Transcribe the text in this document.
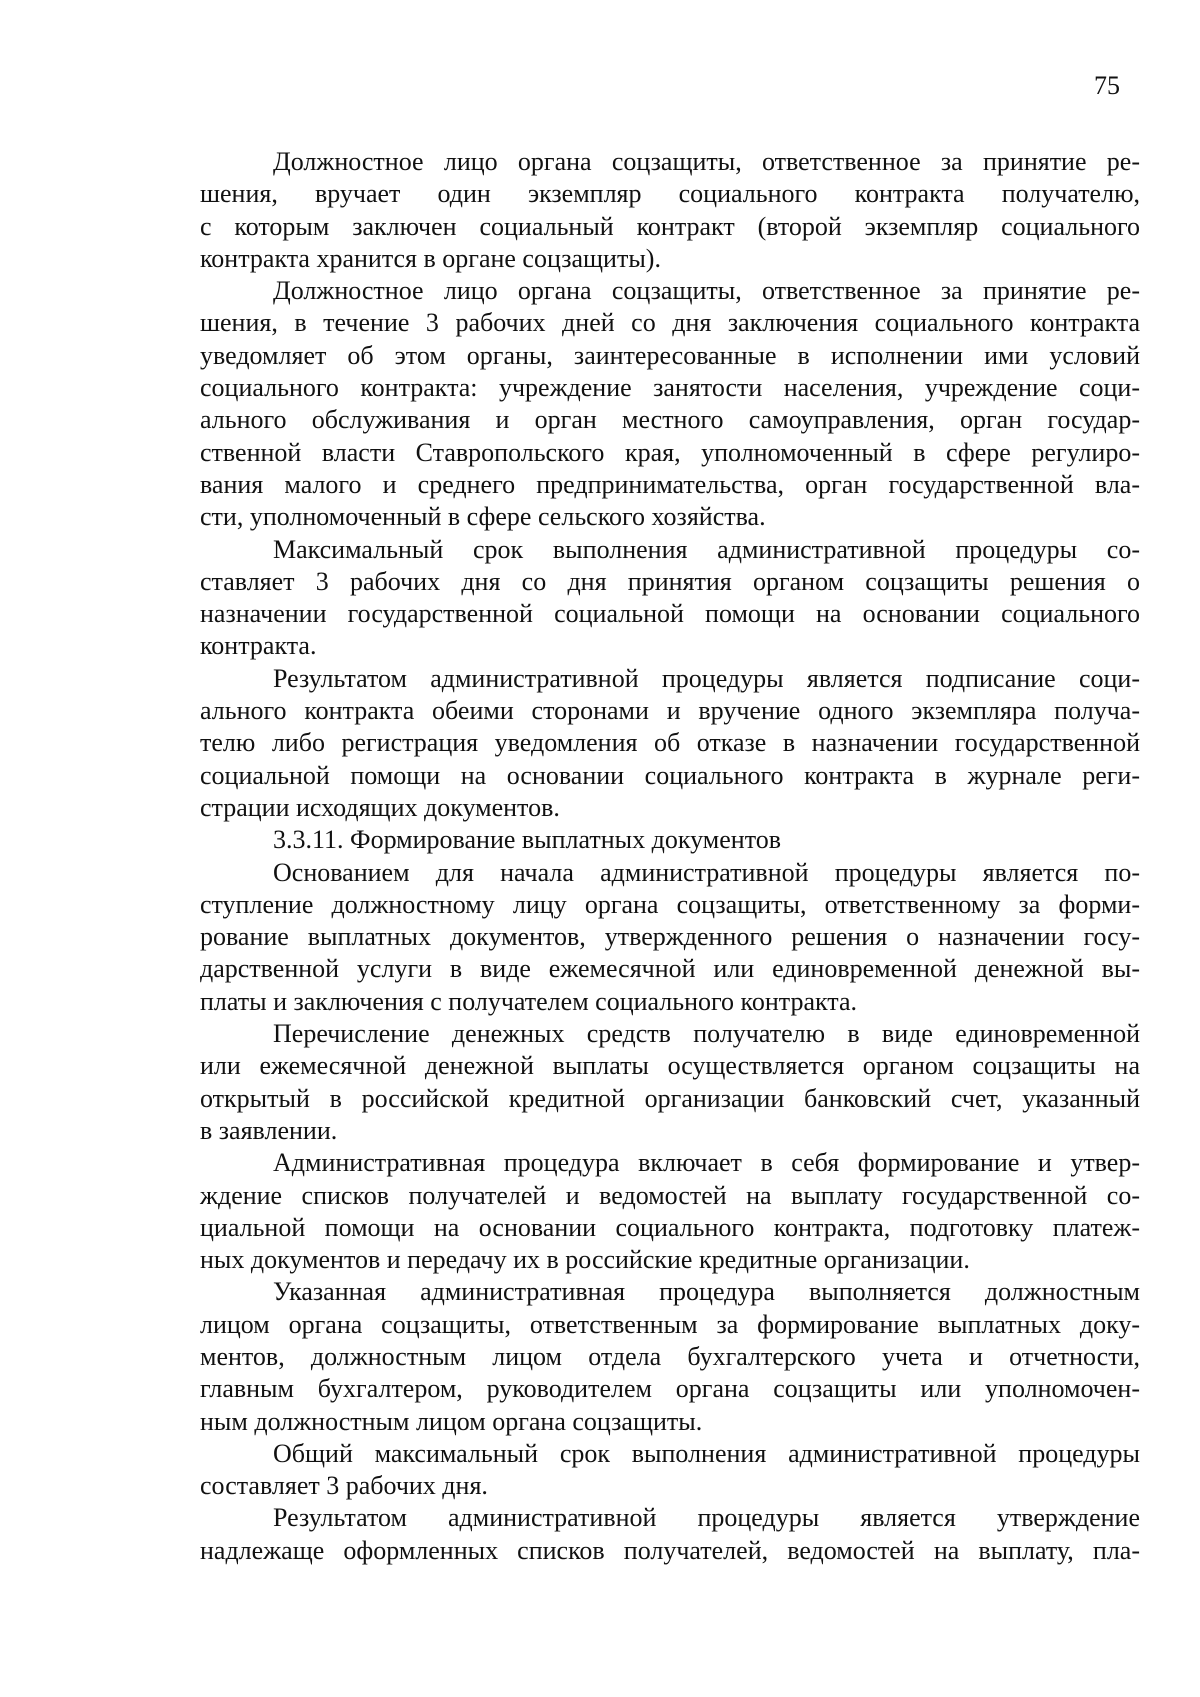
75
Должностное лицо органа соцзащиты, ответственное за принятие ре-
шения, вручает один экземпляр социального контракта получателю,
с которым заключен социальный контракт (второй экземпляр социального
контракта хранится в органе соцзащиты).
Должностное лицо органа соцзащиты, ответственное за принятие ре-
шения, в течение 3 рабочих дней со дня заключения социального контракта
уведомляет об этом органы, заинтересованные в исполнении ими условий
социального контракта: учреждение занятости населения, учреждение соци-
ального обслуживания и орган местного самоуправления, орган государ-
ственной власти Ставропольского края, уполномоченный в сфере регулиро-
вания малого и среднего предпринимательства, орган государственной вла-
сти, уполномоченный в сфере сельского хозяйства.
Максимальный срок выполнения административной процедуры со-
ставляет 3 рабочих дня со дня принятия органом соцзащиты решения о
назначении государственной социальной помощи на основании социального
контракта.
Результатом административной процедуры является подписание соци-
ального контракта обеими сторонами и вручение одного экземпляра получа-
телю либо регистрация уведомления об отказе в назначении государственной
социальной помощи на основании социального контракта в журнале реги-
страции исходящих документов.
3.3.11. Формирование выплатных документов
Основанием для начала административной процедуры является по-
ступление должностному лицу органа соцзащиты, ответственному за форми-
рование выплатных документов, утвержденного решения о назначении госу-
дарственной услуги в виде ежемесячной или единовременной денежной вы-
платы и заключения с получателем социального контракта.
Перечисление денежных средств получателю в виде единовременной
или ежемесячной денежной выплаты осуществляется органом соцзащиты на
открытый в российской кредитной организации банковский счет, указанный
в заявлении.
Административная процедура включает в себя формирование и утвер-
ждение списков получателей и ведомостей на выплату государственной со-
циальной помощи на основании социального контракта, подготовку платеж-
ных документов и передачу их в российские кредитные организации.
Указанная административная процедура выполняется должностным
лицом органа соцзащиты, ответственным за формирование выплатных доку-
ментов, должностным лицом отдела бухгалтерского учета и отчетности,
главным бухгалтером, руководителем органа соцзащиты или уполномочен-
ным должностным лицом органа соцзащиты.
Общий максимальный срок выполнения административной процедуры
составляет 3 рабочих дня.
Результатом административной процедуры является утверждение
надлежаще оформленных списков получателей, ведомостей на выплату, пла-
